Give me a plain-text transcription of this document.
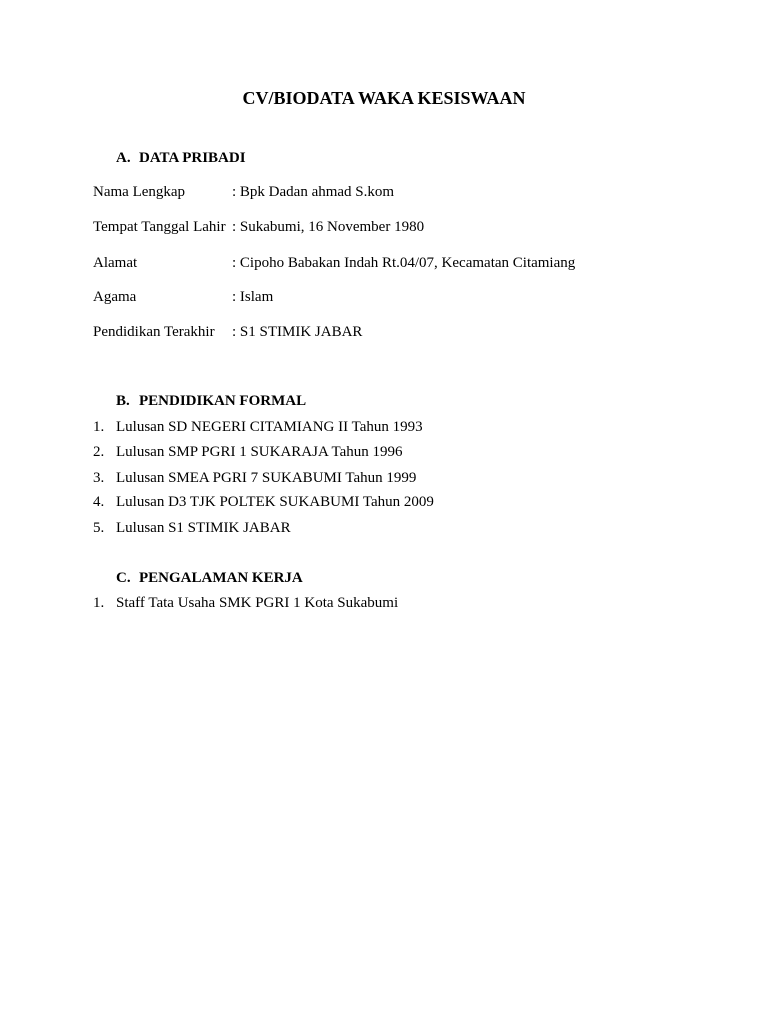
CV/BIODATA WAKA KESISWAAN
A. DATA PRIBADI
Nama Lengkap	: Bpk Dadan ahmad S.kom
Tempat Tanggal Lahir : Sukabumi, 16 November 1980
Alamat	: Cipoho Babakan Indah Rt.04/07, Kecamatan Citamiang
Agama	: Islam
Pendidikan Terakhir : S1 STIMIK JABAR
B. PENDIDIKAN FORMAL
1. Lulusan SD NEGERI CITAMIANG II Tahun 1993
2. Lulusan SMP PGRI 1 SUKARAJA Tahun 1996
3. Lulusan SMEA PGRI 7 SUKABUMI Tahun 1999
4. Lulusan D3 TJK POLTEK SUKABUMI Tahun 2009
5. Lulusan S1 STIMIK JABAR
C. PENGALAMAN KERJA
1. Staff Tata Usaha SMK PGRI 1 Kota Sukabumi
